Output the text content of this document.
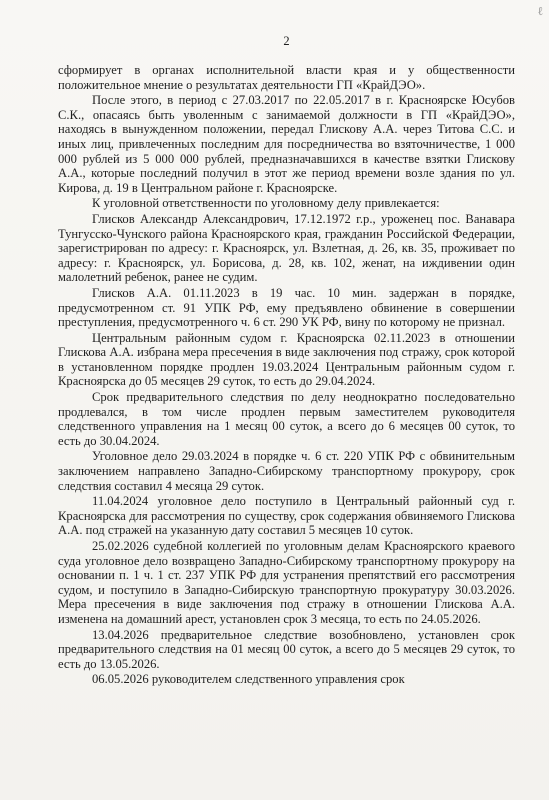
ℓ
2

сформирует в органах исполнительной власти края и у общественности положительное мнение о результатах деятельности ГП «КрайДЭО».

После этого, в период с 27.03.2017 по 22.05.2017 в г. Красноярске Юсубов С.К., опасаясь быть уволенным с занимаемой должности в ГП «КрайДЭО», находясь в вынужденном положении, передал Глискову А.А. через Титова С.С. и иных лиц, привлеченных последним для посредничества во взяточничестве, 1 000 000 рублей из 5 000 000 рублей, предназначавшихся в качестве взятки Глискову А.А., которые последний получил в этот же период времени возле здания по ул. Кирова, д. 19 в Центральном районе г. Красноярске.

К уголовной ответственности по уголовному делу привлекается:

Глисков Александр Александрович, 17.12.1972 г.р., уроженец пос. Ванавара Тунгусско-Чунского района Красноярского края, гражданин Российской Федерации, зарегистрирован по адресу: г. Красноярск, ул. Взлетная, д. 26, кв. 35, проживает по адресу: г. Красноярск, ул. Борисова, д. 28, кв. 102, женат, на иждивении один малолетний ребенок, ранее не судим.

Глисков А.А. 01.11.2023 в 19 час. 10 мин. задержан в порядке, предусмотренном ст. 91 УПК РФ, ему предъявлено обвинение в совершении преступления, предусмотренного ч. 6 ст. 290 УК РФ, вину по которому не признал.

Центральным районным судом г. Красноярска 02.11.2023 в отношении Глискова А.А. избрана мера пресечения в виде заключения под стражу, срок которой в установленном порядке продлен 19.03.2024 Центральным районным судом г. Красноярска до 05 месяцев 29 суток, то есть до 29.04.2024.

Срок предварительного следствия по делу неоднократно последовательно продлевался, в том числе продлен первым заместителем руководителя следственного управления на 1 месяц 00 суток, а всего до 6 месяцев 00 суток, то есть до 30.04.2024.

Уголовное дело 29.03.2024 в порядке ч. 6 ст. 220 УПК РФ с обвинительным заключением направлено Западно-Сибирскому транспортному прокурору, срок следствия составил 4 месяца 29 суток.

11.04.2024 уголовное дело поступило в Центральный районный суд г. Красноярска для рассмотрения по существу, срок содержания обвиняемого Глискова А.А. под стражей на указанную дату составил 5 месяцев 10 суток.

25.02.2026 судебной коллегией по уголовным делам Красноярского краевого суда уголовное дело возвращено Западно-Сибирскому транспортному прокурору на основании п. 1 ч. 1 ст. 237 УПК РФ для устранения препятствий его рассмотрения судом, и поступило в Западно-Сибирскую транспортную прокуратуру 30.03.2026. Мера пресечения в виде заключения под стражу в отношении Глискова А.А. изменена на домашний арест, установлен срок 3 месяца, то есть по 24.05.2026.

13.04.2026 предварительное следствие возобновлено, установлен срок предварительного следствия на 01 месяц 00 суток, а всего до 5 месяцев 29 суток, то есть до 13.05.2026.

06.05.2026 руководителем следственного управления срок
